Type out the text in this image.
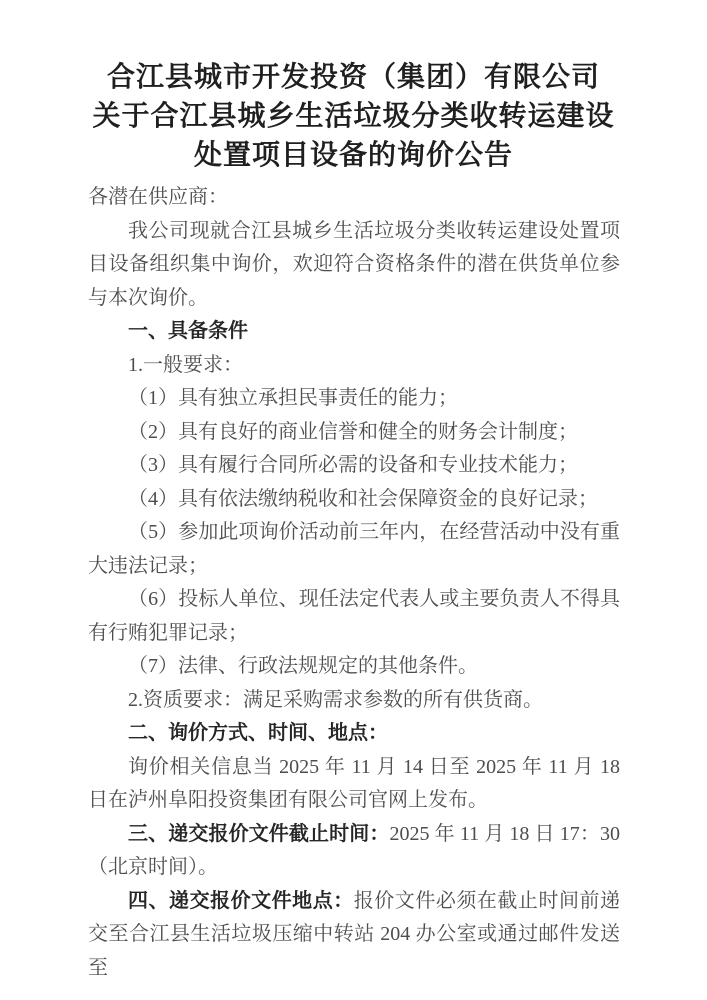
合江县城市开发投资（集团）有限公司
关于合江县城乡生活垃圾分类收转运建设
处置项目设备的询价公告

各潜在供应商：

我公司现就合江县城乡生活垃圾分类收转运建设处置项目设备组织集中询价，欢迎符合资格条件的潜在供货单位参与本次询价。

一、具备条件

1.一般要求：

（1）具有独立承担民事责任的能力；

（2）具有良好的商业信誉和健全的财务会计制度；

（3）具有履行合同所必需的设备和专业技术能力；

（4）具有依法缴纳税收和社会保障资金的良好记录；

（5）参加此项询价活动前三年内，在经营活动中没有重大违法记录；

（6）投标人单位、现任法定代表人或主要负责人不得具有行贿犯罪记录；

（7）法律、行政法规规定的其他条件。

2.资质要求：满足采购需求参数的所有供货商。

二、询价方式、时间、地点：

询价相关信息当 2025 年 11 月 14 日至 2025 年 11 月 18 日在泸州阜阳投资集团有限公司官网上发布。

三、递交报价文件截止时间：2025 年 11 月 18 日 17：30（北京时间）。

四、递交报价文件地点：报价文件必须在截止时间前递交至合江县生活垃圾压缩中转站 204 办公室或通过邮件发送至
